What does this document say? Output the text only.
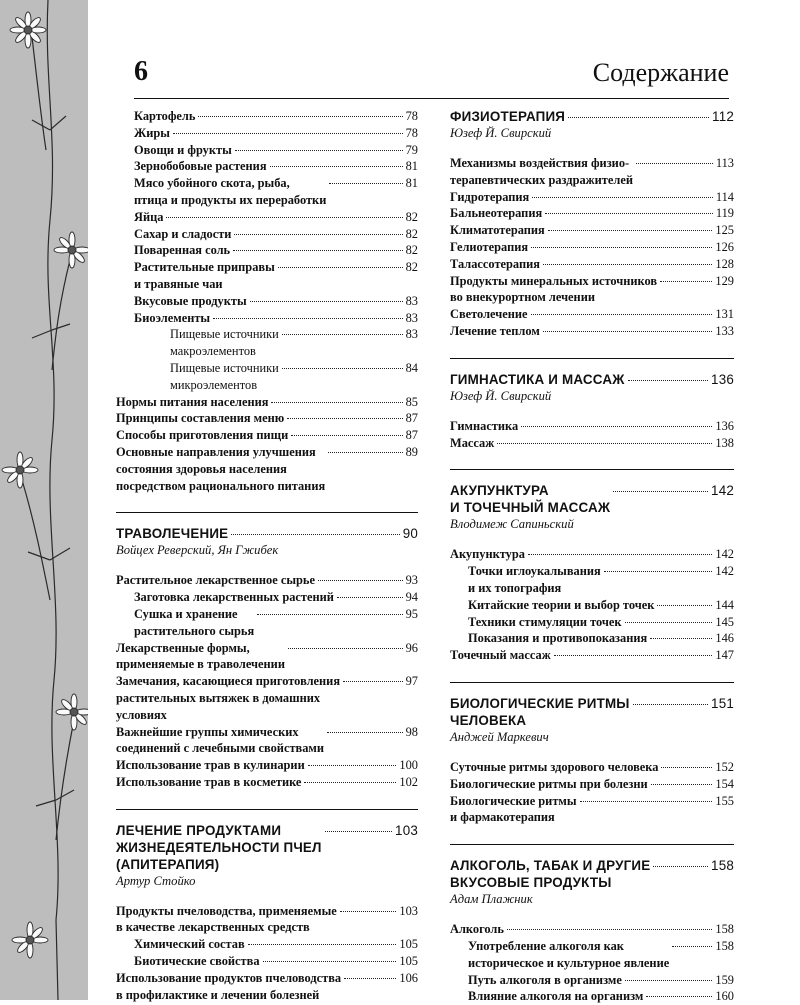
6	Содержание
Картофель	78
Жиры	78
Овощи и фрукты	79
Зернобобовые растения	81
Мясо убойного скота, рыба,
птица и продукты их переработки
81
Яйца	82
Сахар и сладости	82
Поваренная соль	82
Растительные приправы
и травяные чаи
82
Вкусовые продукты	83
Биоэлементы	83
Пищевые источники
макроэлементов
83
Пищевые источники
микроэлементов
84
Нормы питания населения	85
Принципы составления меню	87
Способы приготовления пищи	87
Основные направления улучшения
состояния здоровья населения
посредством рационального питания
89
ТРАВОЛЕЧЕНИЕ	90
Войцех Реверский, Ян Гжибек
Растительное лекарственное сырье	93
Заготовка лекарственных растений	94
Сушка и хранение
растительного сырья
95
Лекарственные формы,
применяемые в траволечении
96
Замечания, касающиеся приготовления
растительных вытяжек в домашних
условиях
97
Важнейшие группы химических
соединений с лечебными свойствами
98
Использование трав в кулинарии	100
Использование трав в косметике	102
ЛЕЧЕНИЕ ПРОДУКТАМИ
ЖИЗНЕДЕЯТЕЛЬНОСТИ ПЧЕЛ
(АПИТЕРАПИЯ)
103
Артур Стойко
Продукты пчеловодства, применяемые
в качестве лекарственных средств
103
Химический состав	105
Биотические свойства	105
Использование продуктов пчеловодства
в профилактике и лечении болезней
106
ФИЗИОТЕРАПИЯ	112
Юзеф Й. Свирский
Механизмы воздействия физио-
терапевтических раздражителей
113
Гидротерапия	114
Бальнеотерапия	119
Климатотерапия	125
Гелиотерапия	126
Талассотерапия	128
Продукты минеральных источников
во внекурортном лечении
129
Светолечение	131
Лечение теплом	133
ГИМНАСТИКА И МАССАЖ	136
Юзеф Й. Свирский
Гимнастика	136
Массаж	138
АКУПУНКТУРА
И ТОЧЕЧНЫЙ МАССАЖ
142
Влодимеж Сапиньский
Акупунктура	142
Точки иглоукалывания
и их топография
142
Китайские теории и выбор точек	144
Техники стимуляции точек	145
Показания и противопоказания	146
Точечный массаж	147
БИОЛОГИЧЕСКИЕ РИТМЫ
ЧЕЛОВЕКА
151
Анджей Маркевич
Суточные ритмы здорового человека	152
Биологические ритмы при болезни	154
Биологические ритмы
и фармакотерапия
155
АЛКОГОЛЬ, ТАБАК И ДРУГИЕ
ВКУСОВЫЕ ПРОДУКТЫ
158
Адам Плажник
Алкоголь	158
Употребление алкоголя как
историческое и культурное явление
158
Путь алкоголя в организме	159
Влияние алкоголя на организм	160
